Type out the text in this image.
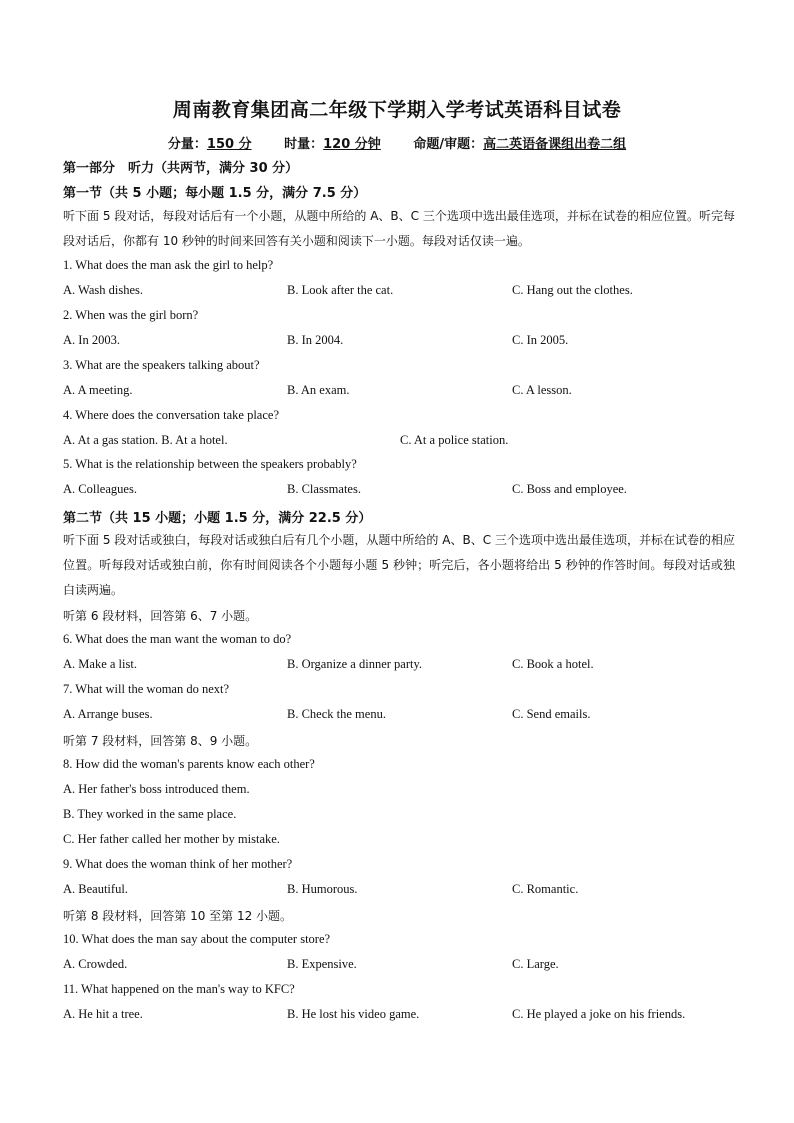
周南教育集团高二年级下学期入学考试英语科目试卷
分量：150 分	时量：120 分钟	命题/审题：高二英语备课组出卷二组
第一部分　听力（共两节，满分 30 分）
第一节（共 5 小题；每小题 1.5 分，满分 7.5 分）
听下面 5 段对话，每段对话后有一个小题，从题中所给的 A、B、C 三个选项中选出最佳选项，并标在试卷的相应位置。听完每段对话后，你都有 10 秒钟的时间来回答有关小题和阅读下一小题。每段对话仅读一遍。
1. What does the man ask the girl to help?
A. Wash dishes.	B. Look after the cat.	C. Hang out the clothes.
2. When was the girl born?
A. In 2003.	B. In 2004.	C. In 2005.
3. What are the speakers talking about?
A. A meeting.	B. An exam.	C. A lesson.
4. Where does the conversation take place?
A. At a gas station. B. At a hotel.	C. At a police station.
5. What is the relationship between the speakers probably?
A. Colleagues.	B. Classmates.	C. Boss and employee.
第二节（共 15 小题；小题 1.5 分，满分 22.5 分）
听下面 5 段对话或独白，每段对话或独白后有几个小题，从题中所给的 A、B、C 三个选项中选出最佳选项，并标在试卷的相应位置。听每段对话或独白前，你有时间阅读各个小题每小题 5 秒钟；听完后，各小题将给出 5 秒钟的作答时间。每段对话或独白读两遍。
听第 6 段材料，回答第 6、7 小题。
6. What does the man want the woman to do?
A. Make a list.	B. Organize a dinner party.	C. Book a hotel.
7. What will the woman do next?
A. Arrange buses.	B. Check the menu.	C. Send emails.
听第 7 段材料，回答第 8、9 小题。
8. How did the woman's parents know each other?
A. Her father's boss introduced them.
B. They worked in the same place.
C. Her father called her mother by mistake.
9. What does the woman think of her mother?
A. Beautiful.	B. Humorous.	C. Romantic.
听第 8 段材料，回答第 10 至第 12 小题。
10. What does the man say about the computer store?
A. Crowded.	B. Expensive.	C. Large.
11. What happened on the man's way to KFC?
A. He hit a tree.	B. He lost his video game.	C. He played a joke on his friends.
